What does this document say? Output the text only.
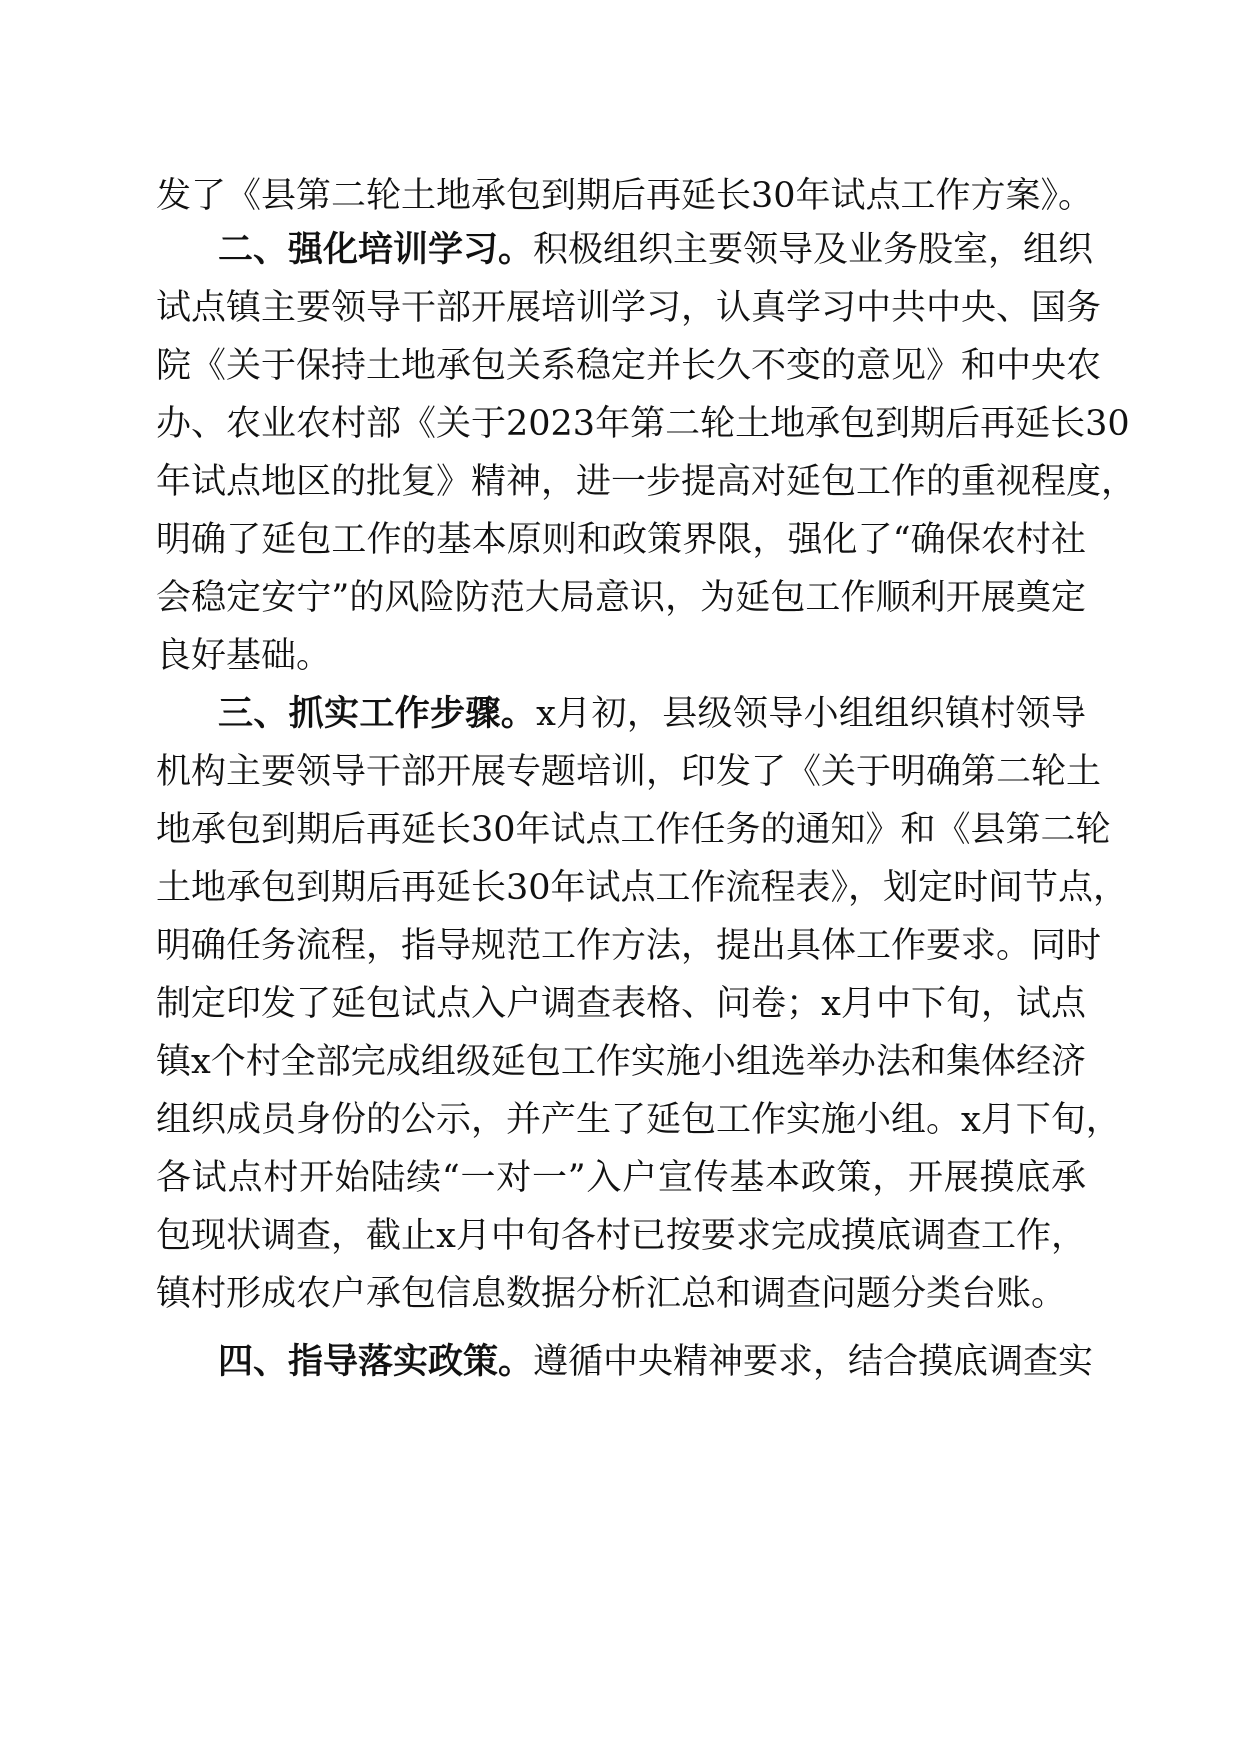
发了《县第二轮土地承包到期后再延长30年试点工作方案》。
二、强化培训学习。积极组织主要领导及业务股室，组织
试点镇主要领导干部开展培训学习，认真学习中共中央、国务
院《关于保持土地承包关系稳定并长久不变的意见》和中央农
办、农业农村部《关于2023年第二轮土地承包到期后再延长30
年试点地区的批复》精神，进一步提高对延包工作的重视程度，
明确了延包工作的基本原则和政策界限，强化了“确保农村社
会稳定安宁”的风险防范大局意识，为延包工作顺利开展奠定
良好基础。
三、抓实工作步骤。x月初，县级领导小组组织镇村领导
机构主要领导干部开展专题培训，印发了《关于明确第二轮土
地承包到期后再延长30年试点工作任务的通知》和《县第二轮
土地承包到期后再延长30年试点工作流程表》，划定时间节点，
明确任务流程，指导规范工作方法，提出具体工作要求。同时
制定印发了延包试点入户调查表格、问卷；x月中下旬，试点
镇x个村全部完成组级延包工作实施小组选举办法和集体经济
组织成员身份的公示，并产生了延包工作实施小组。x月下旬，
各试点村开始陆续“一对一”入户宣传基本政策，开展摸底承
包现状调查，截止x月中旬各村已按要求完成摸底调查工作，
镇村形成农户承包信息数据分析汇总和调查问题分类台账。
四、指导落实政策。遵循中央精神要求，结合摸底调查实
